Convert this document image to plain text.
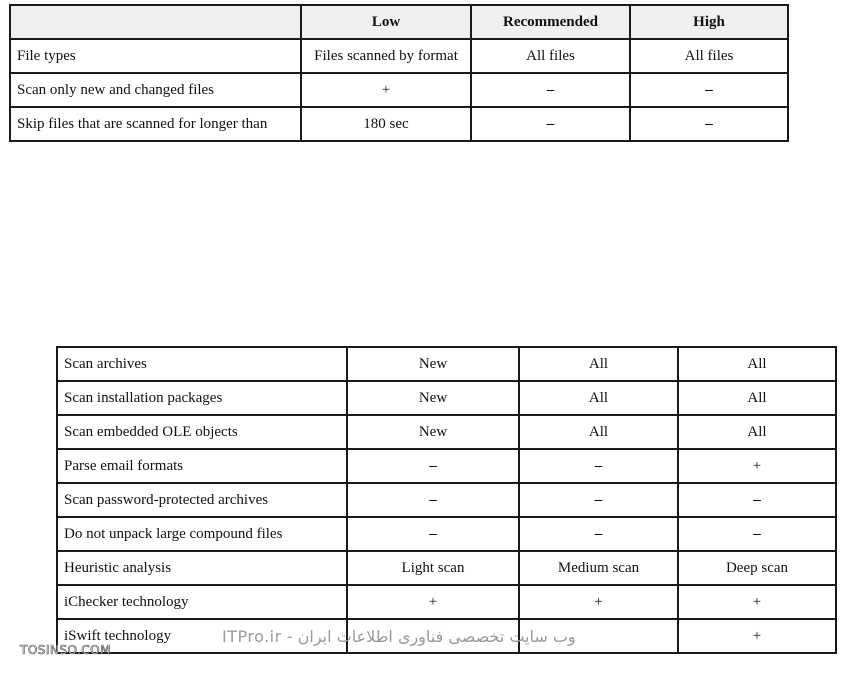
	Low	Recommended	High
File types	Files scanned by format	All files	All files
Scan only new and changed files	+	–	–
Skip files that are scanned for longer than	180 sec	–	–
Scan archives	New	All	All
Scan installation packages	New	All	All
Scan embedded OLE objects	New	All	All
Parse email formats	–	–	+
Scan password-protected archives	–	–	–
Do not unpack large compound files	–	–	–
Heuristic analysis	Light scan	Medium scan	Deep scan
iChecker technology	+	+	+
iSwift technology			+
وب سایت تخصصی فناوری اطلاعات ایران - ITPro.ir
TOSINSO.COM
